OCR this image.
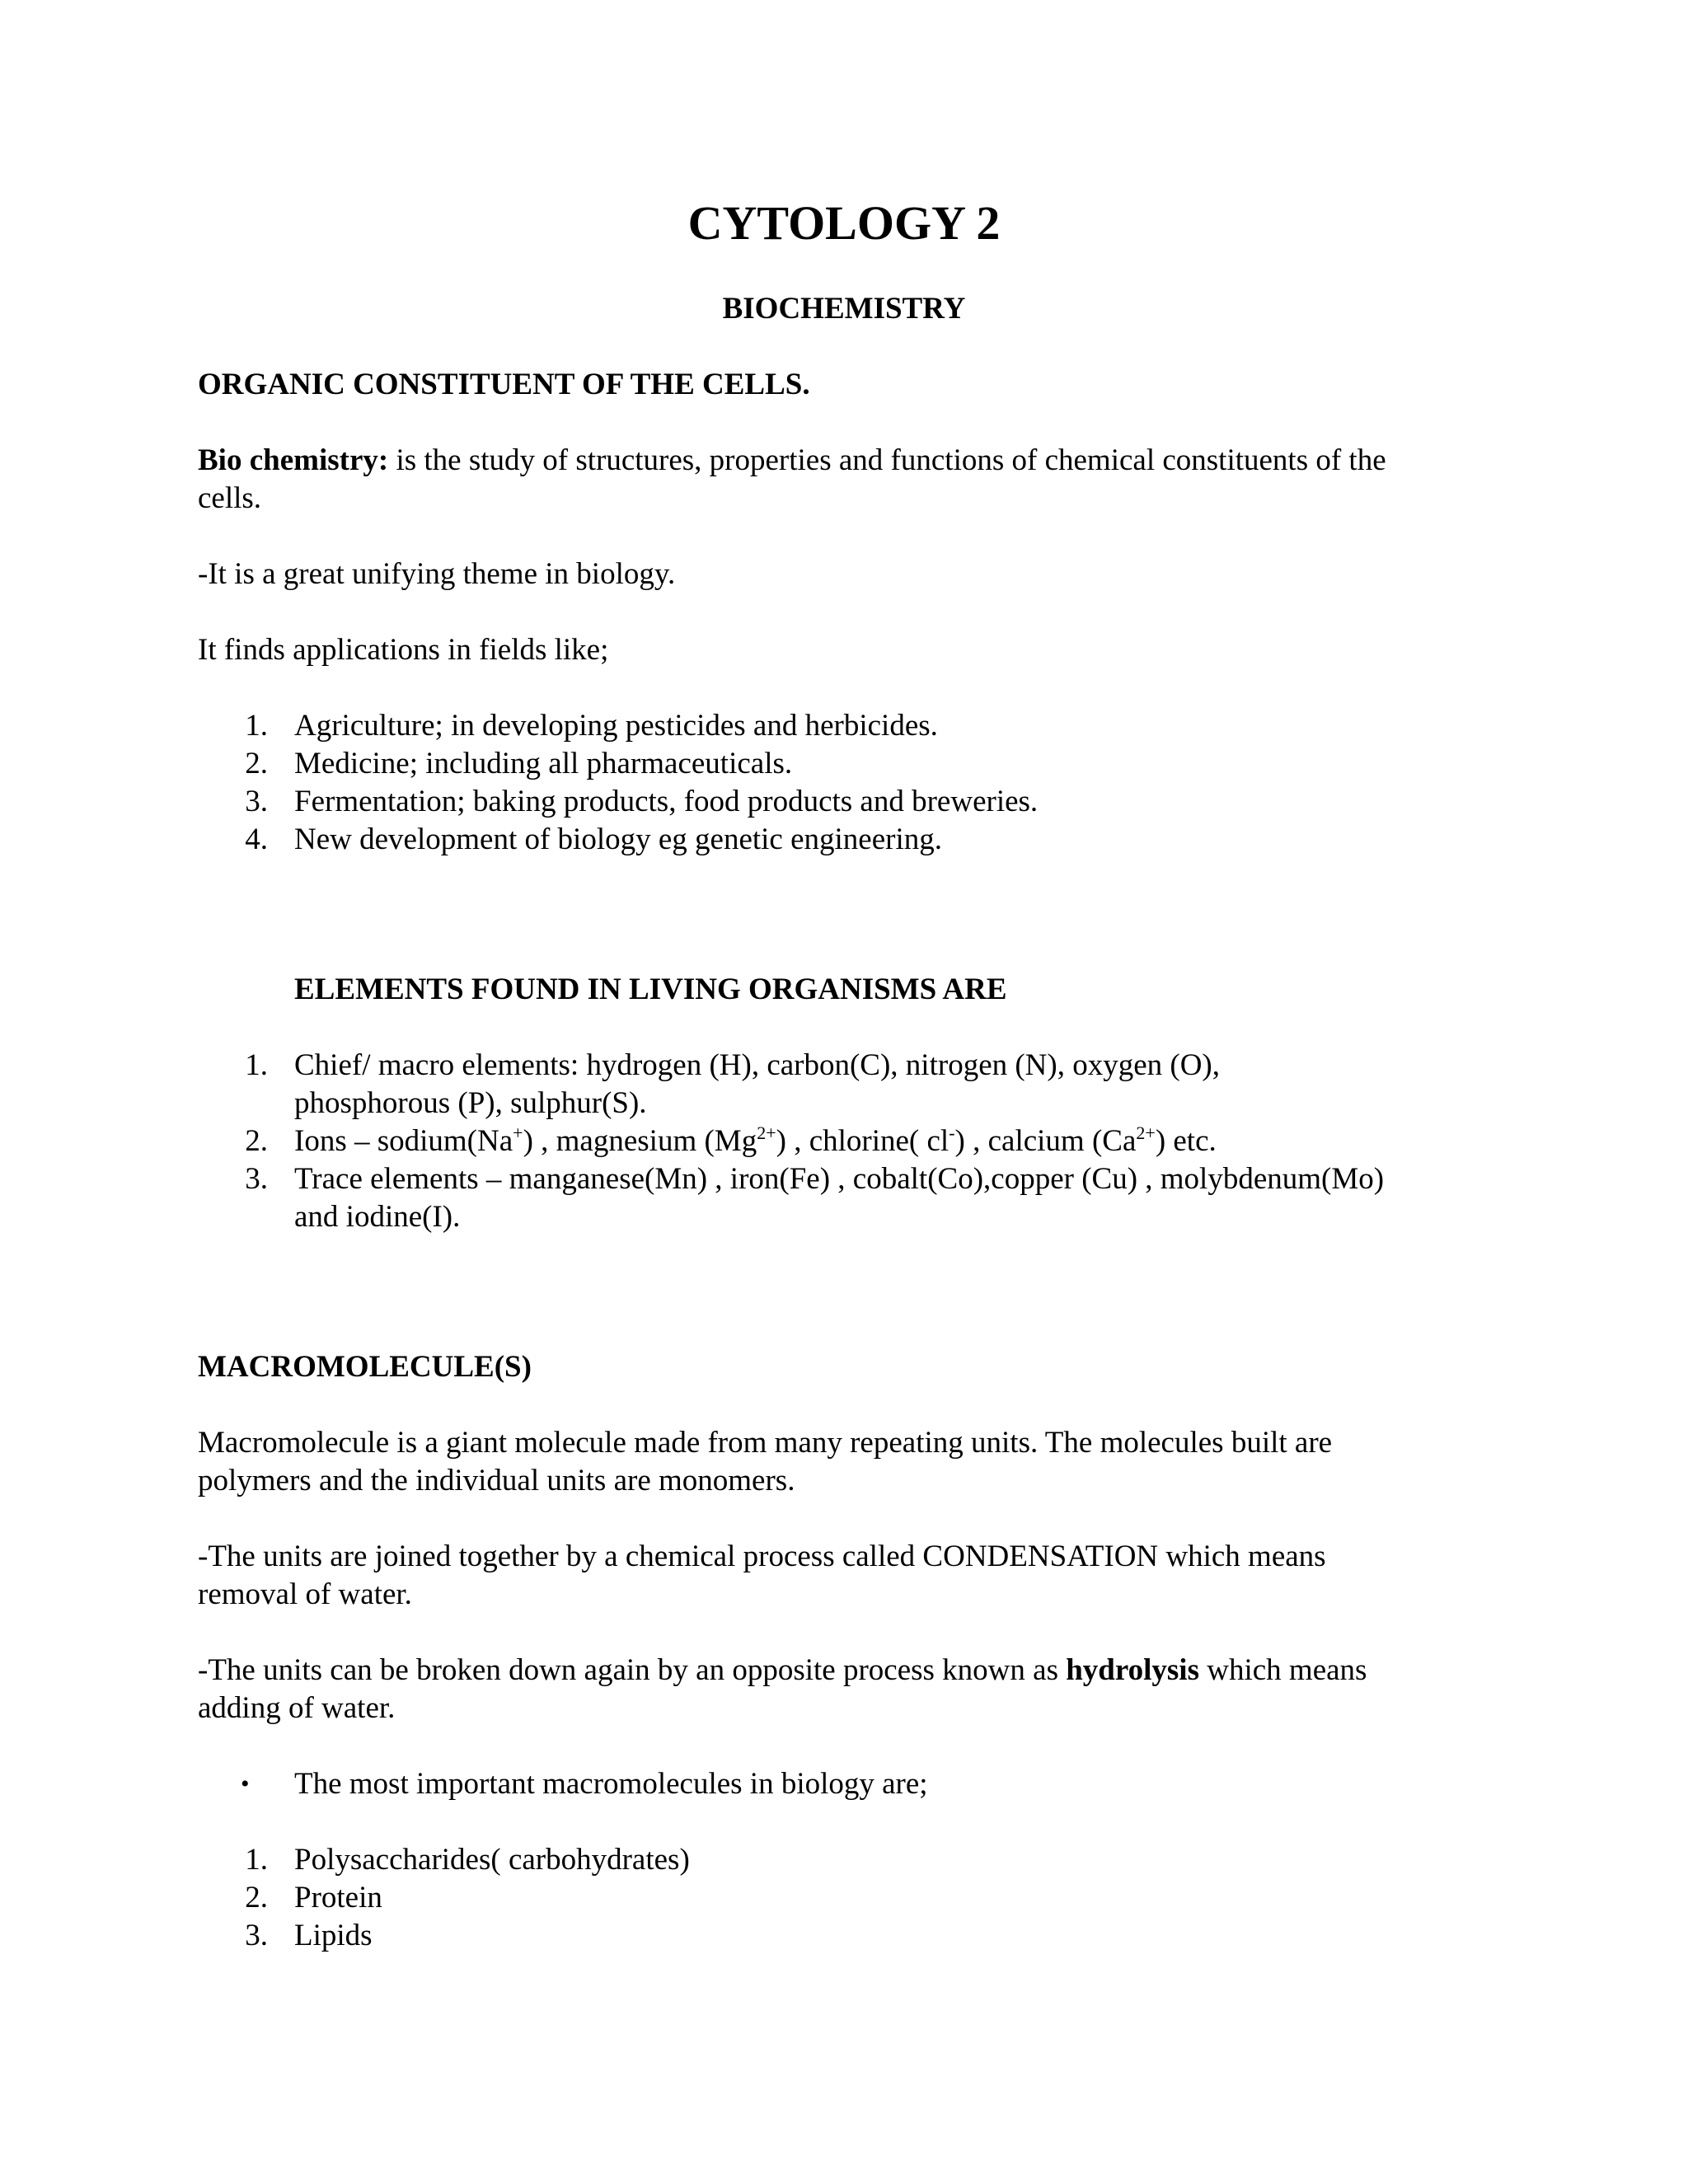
CYTOLOGY 2
BIOCHEMISTRY
ORGANIC CONSTITUENT OF THE CELLS.
Bio chemistry: is the study of structures, properties and functions of chemical constituents of the
cells.
-It is a great unifying theme in biology.
It finds applications in fields like;
1. Agriculture; in developing pesticides and herbicides.
2. Medicine; including all pharmaceuticals.
3. Fermentation; baking products, food products and breweries.
4. New development of biology eg genetic engineering.
ELEMENTS FOUND IN LIVING ORGANISMS ARE
1. Chief/ macro elements: hydrogen (H), carbon(C), nitrogen (N), oxygen (O),
phosphorous (P), sulphur(S).
2. Ions – sodium(Na+) , magnesium $(Mg^{2+})$ , chlorine( cl-) , calcium $(Ca^{2+})$ etc.
3. Trace elements – manganese(Mn) , iron(Fe) , cobalt(Co),copper (Cu) , molybdenum(Mo)
and iodine(I).
MACROMOLECULE(S)
Macromolecule is a giant molecule made from many repeating units. The molecules built are
polymers and the individual units are monomers.
-The units are joined together by a chemical process called CONDENSATION which means
removal of water.
-The units can be broken down again by an opposite process known as hydrolysis which means
adding of water.
• The most important macromolecules in biology are;
1. Polysaccharides( carbohydrates)
2. Protein
3. Lipids
